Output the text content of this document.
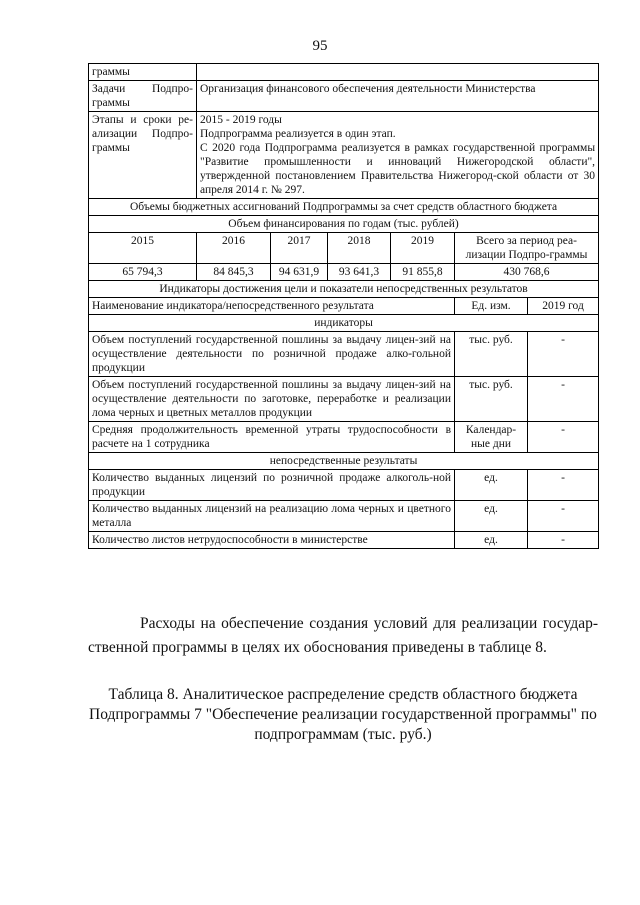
95
граммы						
Задачи Подпро-граммы	Организация финансового обеспечения деятельности Министерства					
Этапы и сроки ре-ализации Подпро-граммы	2015 - 2019 годы
Подпрограмма реализуется в один этап.
С 2020 года Подпрограмма реализуется в рамках государственной программы "Развитие промышленности и инноваций Нижегородской области", утвержденной постановлением Правительства Нижегород-ской области от 30 апреля 2014 г. № 297.					

Объемы бюджетных ассигнований Подпрограммы за счет средств областного бюджета						
Объем финансирования по годам (тыс. рублей)						
2015	2016	2017	2018	2019	Всего за период реа-лизации Подпро-граммы	
65 794,3	84 845,3	94 631,9	93 641,3	91 855,8	430 768,6	
Индикаторы достижения цели и показатели непосредственных результатов						
Наименование индикатора/непосредственного результата					Ед. изм.	2019 год
индикаторы						
Объем поступлений государственной пошлины за выдачу лицен-зий на осуществление деятельности по розничной продаже алко-гольной продукции					тыс. руб.	-
Объем поступлений государственной пошлины за выдачу лицен-зий на осуществление деятельности по заготовке, переработке и реализации лома черных и цветных металлов продукции					тыс. руб.	-
Средняя продолжительность временной утраты трудоспособности в расчете на 1 сотрудника					Календар-ные дни	-
непосредственные результаты						
Количество выданных лицензий по розничной продаже алкоголь-ной продукции					ед.	-
Количество выданных лицензий на реализацию лома черных и цветного металла					ед.	-
Количество листов нетрудоспособности в министерстве					ед.	-
Расходы на обеспечение создания условий для реализации государ-ственной программы в целях их обоснования приведены в таблице 8.
Таблица 8. Аналитическое распределение средств областного бюджета Подпрограммы 7 "Обеспечение реализации государственной программы" по подпрограммам (тыс. руб.)
